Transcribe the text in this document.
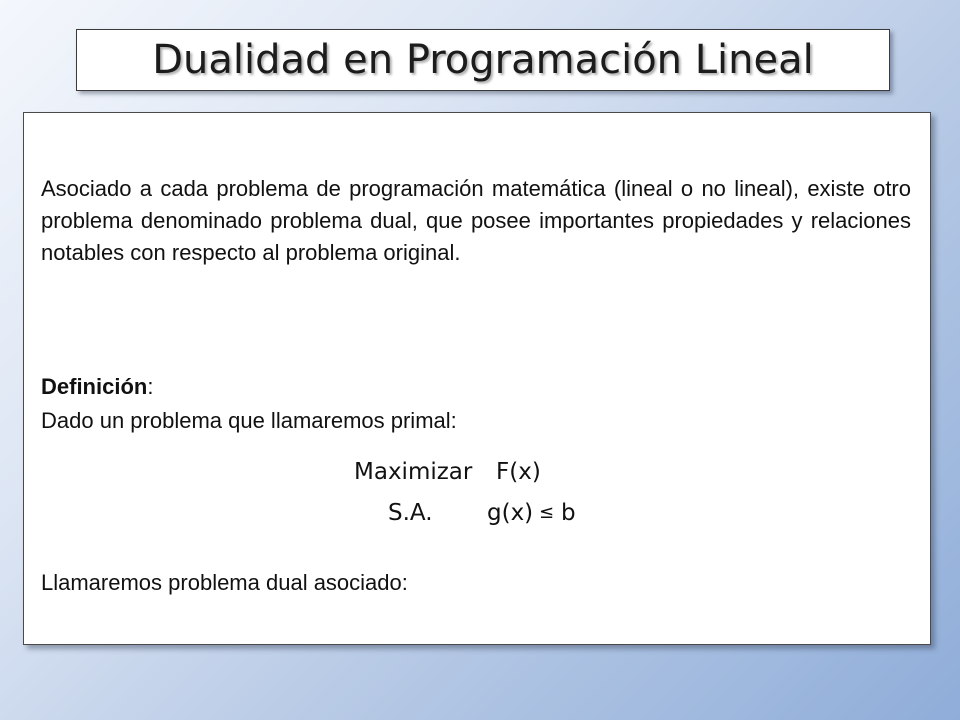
Dualidad en Programación Lineal

Asociado a cada problema de programación matemática (lineal o no lineal), existe otro problema denominado problema dual, que posee importantes propiedades y relaciones notables con respecto al problema original.

Definición:
Dado un problema que llamaremos primal:
Maximizar F(x)
S.A. g(x) ≤ b
Llamaremos problema dual asociado:
